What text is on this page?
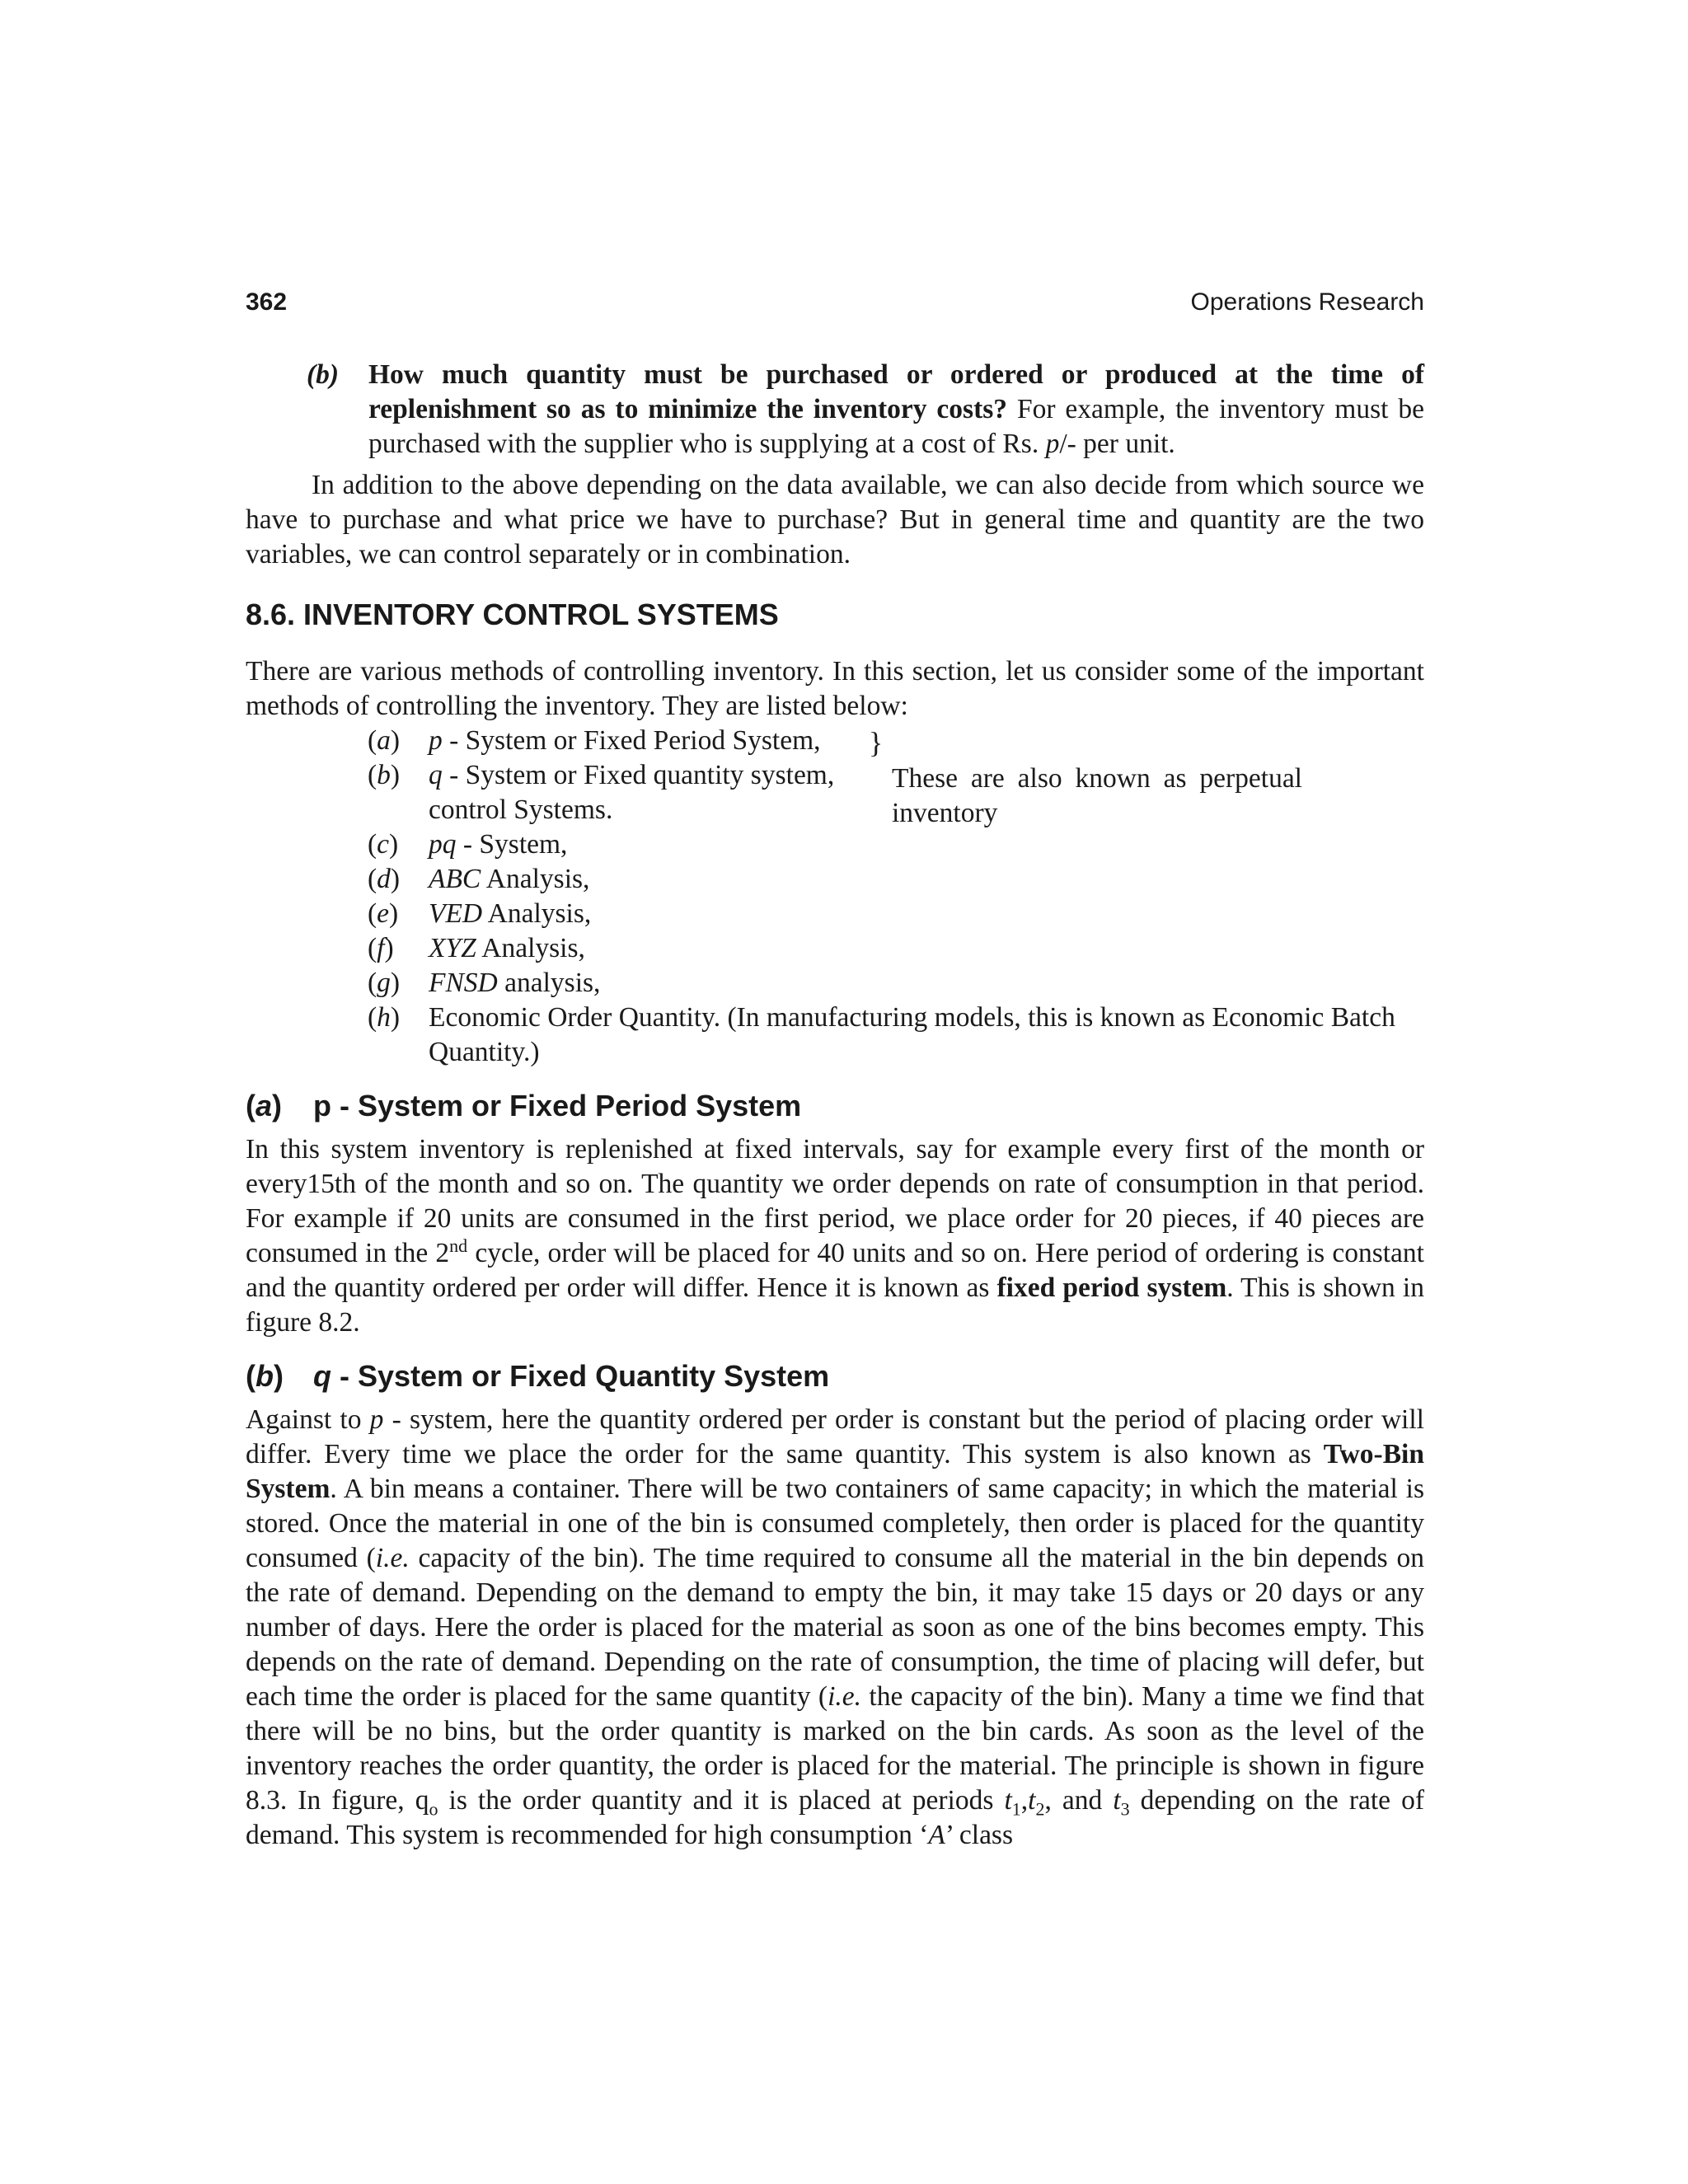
362	Operations Research
(b)	How much quantity must be purchased or ordered or produced at the time of replenishment so as to minimize the inventory costs? For example, the inventory must be purchased with the supplier who is supplying at a cost of Rs. p/- per unit.

In addition to the above depending on the data available, we can also decide from which source we have to purchase and what price we have to purchase? But in general time and quantity are the two variables, we can control separately or in combination.

8.6. INVENTORY CONTROL SYSTEMS

There are various methods of controlling inventory. In this section, let us consider some of the important methods of controlling the inventory. They are listed below:

(a)	p - System or Fixed Period System,
(b)	q - System or Fixed quantity system,
control Systems.
}
These are also known as perpetual inventory
(c)	pq - System,
(d)	ABC Analysis,
(e)	VED Analysis,
(f)	XYZ Analysis,
(g)	FNSD analysis,
(h)	Economic Order Quantity. (In manufacturing models, this is known as Economic Batch Quantity.)
(a) p - System or Fixed Period System

In this system inventory is replenished at fixed intervals, say for example every first of the month or every15th of the month and so on. The quantity we order depends on rate of consumption in that period. For example if 20 units are consumed in the first period, we place order for 20 pieces, if 40 pieces are consumed in the 2nd cycle, order will be placed for 40 units and so on. Here period of ordering is constant and the quantity ordered per order will differ. Hence it is known as fixed period system. This is shown in figure 8.2.

(b) q - System or Fixed Quantity System

Against to p - system, here the quantity ordered per order is constant but the period of placing order will differ. Every time we place the order for the same quantity. This system is also known as Two-Bin System. A bin means a container. There will be two containers of same capacity; in which the material is stored. Once the material in one of the bin is consumed completely, then order is placed for the quantity consumed (i.e. capacity of the bin). The time required to consume all the material in the bin depends on the rate of demand. Depending on the demand to empty the bin, it may take 15 days or 20 days or any number of days. Here the order is placed for the material as soon as one of the bins becomes empty. This depends on the rate of demand. Depending on the rate of consumption, the time of placing will defer, but each time the order is placed for the same quantity (i.e. the capacity of the bin). Many a time we find that there will be no bins, but the order quantity is marked on the bin cards. As soon as the level of the inventory reaches the order quantity, the order is placed for the material. The principle is shown in figure 8.3. In figure, $q_o$ is the order quantity and it is placed at periods $t_1,t_2$, and $t_3$ depending on the rate of demand. This system is recommended for high consumption ‘A’ class
